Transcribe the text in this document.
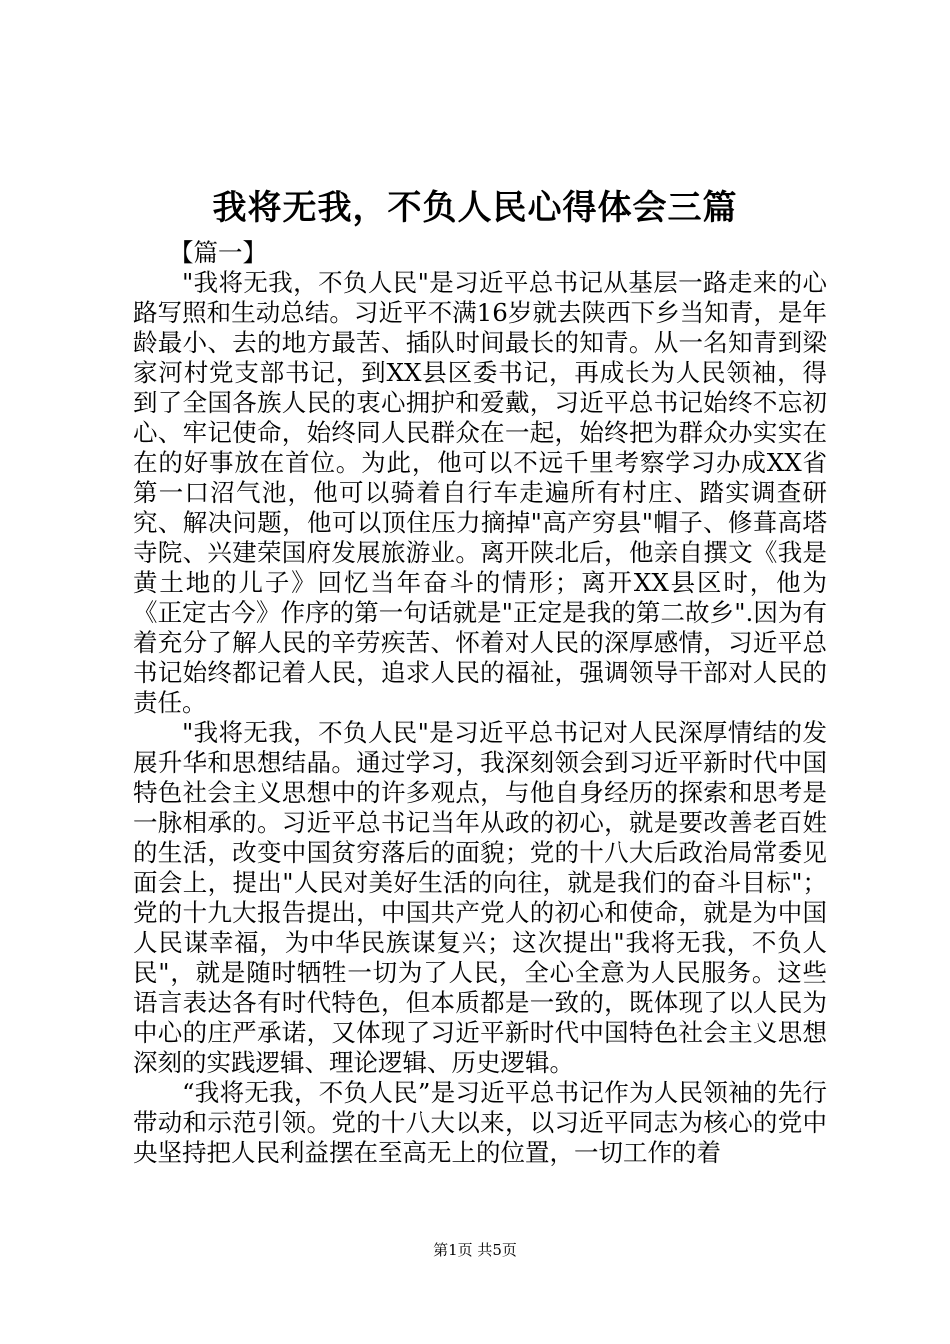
我将无我，不负人民心得体会三篇

【篇一】

"我将无我，不负人民"是习近平总书记从基层一路走来的心路写照和生动总结。习近平不满16岁就去陕西下乡当知青，是年龄最小、去的地方最苦、插队时间最长的知青。从一名知青到梁家河村党支部书记，到XX县区委书记，再成长为人民领袖，得到了全国各族人民的衷心拥护和爱戴，习近平总书记始终不忘初心、牢记使命，始终同人民群众在一起，始终把为群众办实实在在的好事放在首位。为此，他可以不远千里考察学习办成XX省第一口沼气池，他可以骑着自行车走遍所有村庄、踏实调查研究、解决问题，他可以顶住压力摘掉"高产穷县"帽子、修葺高塔寺院、兴建荣国府发展旅游业。离开陕北后，他亲自撰文《我是黄土地的儿子》回忆当年奋斗的情形；离开XX县区时，他为《正定古今》作序的第一句话就是"正定是我的第二故乡".因为有着充分了解人民的辛劳疾苦、怀着对人民的深厚感情，习近平总书记始终都记着人民，追求人民的福祉，强调领导干部对人民的责任。

"我将无我，不负人民"是习近平总书记对人民深厚情结的发展升华和思想结晶。通过学习，我深刻领会到习近平新时代中国特色社会主义思想中的许多观点，与他自身经历的探索和思考是一脉相承的。习近平总书记当年从政的初心，就是要改善老百姓的生活，改变中国贫穷落后的面貌；党的十八大后政治局常委见面会上，提出"人民对美好生活的向往，就是我们的奋斗目标"；党的十九大报告提出，中国共产党人的初心和使命，就是为中国人民谋幸福，为中华民族谋复兴；这次提出"我将无我，不负人民"，就是随时牺牲一切为了人民，全心全意为人民服务。这些语言表达各有时代特色，但本质都是一致的，既体现了以人民为中心的庄严承诺，又体现了习近平新时代中国特色社会主义思想深刻的实践逻辑、理论逻辑、历史逻辑。

“我将无我，不负人民”是习近平总书记作为人民领袖的先行带动和示范引领。党的十八大以来，以习近平同志为核心的党中央坚持把人民利益摆在至高无上的位置，一切工作的着

第1页 共5页
